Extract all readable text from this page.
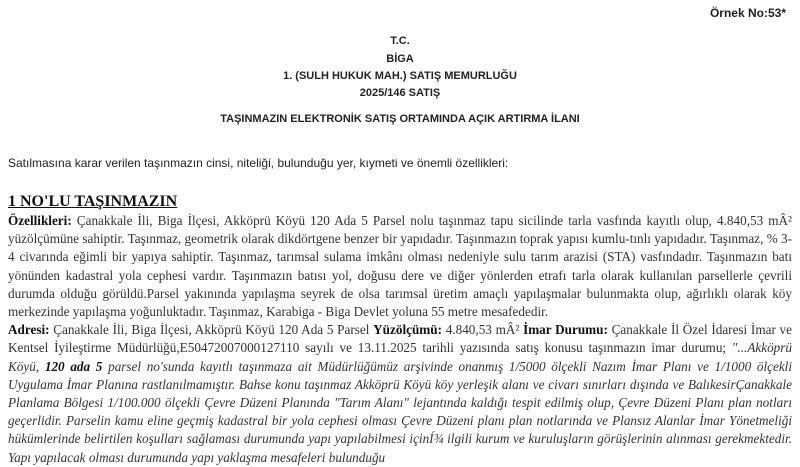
Örnek No:53*
T.C.
BİGA
1. (SULH HUKUK MAH.) SATIŞ MEMURLUĞU
2025/146 SATIŞ
TAŞINMAZIN ELEKTRONİK SATIŞ ORTAMINDA AÇIK ARTIRMA İLANI
Satılmasına karar verilen taşınmazın cinsi, niteliği, bulunduğu yer, kıymeti ve önemli özellikleri:
1 NO'LU TAŞINMAZIN

Özellikleri: Çanakkale İli, Biga İlçesi, Akköprü Köyü 120 Ada 5 Parsel nolu taşınmaz tapu sicilinde tarla vasfında kayıtlı olup, 4.840,53 mÂ² yüzölçümüne sahiptir. Taşınmaz, geometrik olarak dikdörtgene benzer bir yapıdadır. Taşınmazın toprak yapısı kumlu-tınlı yapıdadır. Taşınmaz, % 3-4 civarında eğimli bir yapıya sahiptir. Taşınmaz, tarımsal sulama imkânı olması nedeniyle sulu tarım arazisi (STA) vasfındadır. Taşınmazın batı yönünden kadastral yola cephesi vardır. Taşınmazın batısı yol, doğusu dere ve diğer yönlerden etrafı tarla olarak kullanılan parsellerle çevrili durumda olduğu görüldü.Parsel yakınında yapılaşma seyrek de olsa tarımsal üretim amaçlı yapılaşmalar bulunmakta olup, ağırlıklı olarak köy merkezinde yapılaşma yoğunluktadır. Taşınmaz, Karabiga - Biga Devlet yoluna 55 metre mesafededir.

Adresi: Çanakkale İli, Biga İlçesi, Akköprü Köyü 120 Ada 5 Parsel Yüzölçümü: 4.840,53 mÂ² İmar Durumu: Çanakkale İl Özel İdaresi İmar ve Kentsel İyileştirme Müdürlüğü,E50472007000127110 sayılı ve 13.11.2025 tarihli yazısında satış konusu taşınmazın imar durumu; "...Akköprü Köyü, 120 ada 5 parsel no'sunda kayıtlı taşınmaza ait Müdürlüğümüz arşivinde onanmış 1/5000 ölçekli Nazım İmar Planı ve 1/1000 ölçekli Uygulama İmar Planına rastlanılmamıştır. Bahse konu taşınmaz Akköprü Köyü köy yerleşik alanı ve civarı sınırları dışında ve BalıkesirÇanakkale Planlama Bölgesi 1/100.000 ölçekli Çevre Düzeni Planında "Tarım Alanı" lejantında kaldığı tespit edilmiş olup, Çevre Düzeni Planı plan notları geçerlidir. Parselin kamu eline geçmiş kadastral bir yola cephesi olması Çevre Düzeni planı plan notlarında ve Plansız Alanlar İmar Yönetmeliği hükümlerinde belirtilen koşulları sağlaması durumunda yapı yapılabilmesi içinÍ¾ ilgili kurum ve kuruluşların görüşlerinin alınması gerekmektedir. Yapı yapılacak olması durumunda yapı yaklaşma mesafeleri bulunduğu
